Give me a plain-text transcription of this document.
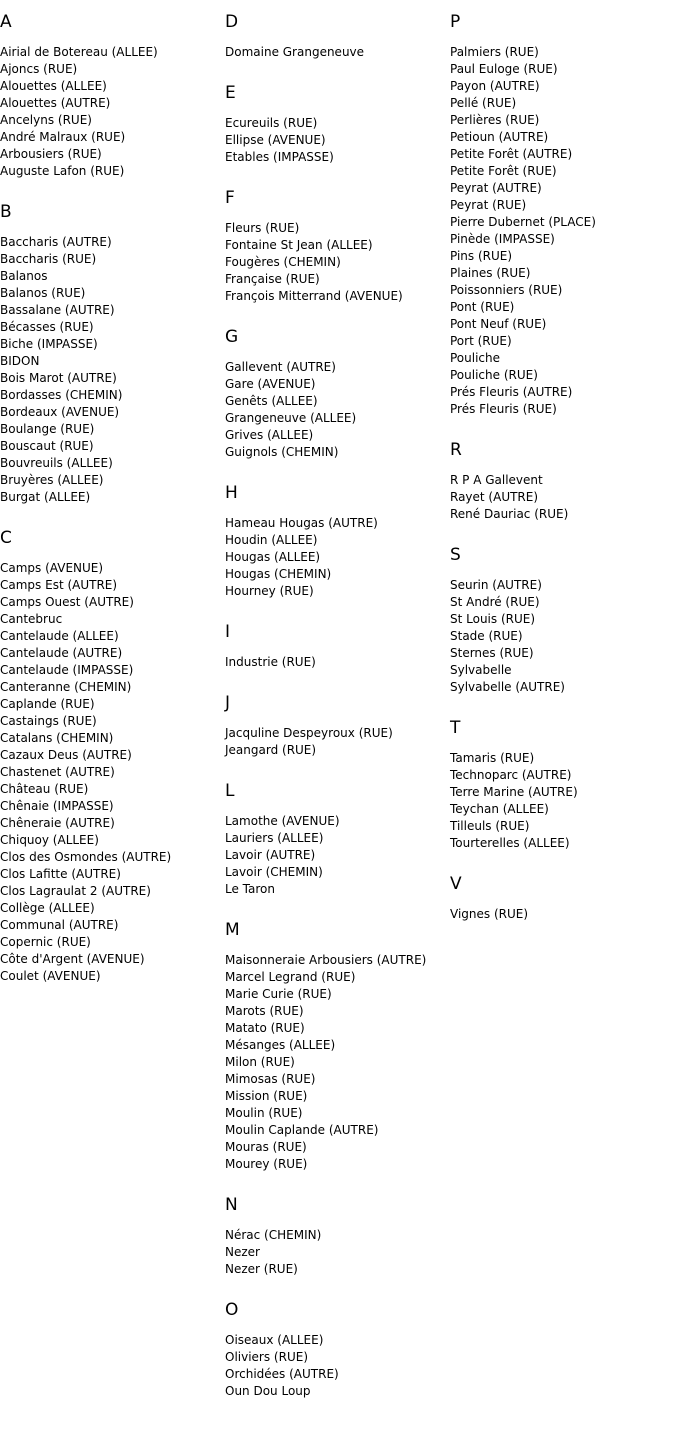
A
Airial de Botereau (ALLEE)
Ajoncs (RUE)
Alouettes (ALLEE)
Alouettes (AUTRE)
Ancelyns (RUE)
André Malraux (RUE)
Arbousiers (RUE)
Auguste Lafon (RUE)
B
Baccharis (AUTRE)
Baccharis (RUE)
Balanos
Balanos (RUE)
Bassalane (AUTRE)
Bécasses (RUE)
Biche (IMPASSE)
BIDON
Bois Marot (AUTRE)
Bordasses (CHEMIN)
Bordeaux (AVENUE)
Boulange (RUE)
Bouscaut (RUE)
Bouvreuils (ALLEE)
Bruyères (ALLEE)
Burgat (ALLEE)
C
Camps (AVENUE)
Camps Est (AUTRE)
Camps Ouest (AUTRE)
Cantebruc
Cantelaude (ALLEE)
Cantelaude (AUTRE)
Cantelaude (IMPASSE)
Canteranne (CHEMIN)
Caplande (RUE)
Castaings (RUE)
Catalans (CHEMIN)
Cazaux Deus (AUTRE)
Chastenet (AUTRE)
Château (RUE)
Chênaie (IMPASSE)
Chêneraie (AUTRE)
Chiquoy (ALLEE)
Clos des Osmondes (AUTRE)
Clos Lafitte (AUTRE)
Clos Lagraulat 2 (AUTRE)
Collège (ALLEE)
Communal (AUTRE)
Copernic (RUE)
Côte d'Argent (AVENUE)
Coulet (AVENUE)
D
Domaine Grangeneuve
E
Ecureuils (RUE)
Ellipse (AVENUE)
Etables (IMPASSE)
F
Fleurs (RUE)
Fontaine St Jean (ALLEE)
Fougères (CHEMIN)
Française (RUE)
François Mitterrand (AVENUE)
G
Gallevent (AUTRE)
Gare (AVENUE)
Genêts (ALLEE)
Grangeneuve (ALLEE)
Grives (ALLEE)
Guignols (CHEMIN)
H
Hameau Hougas (AUTRE)
Houdin (ALLEE)
Hougas (ALLEE)
Hougas (CHEMIN)
Hourney (RUE)
I
Industrie (RUE)
J
Jacquline Despeyroux (RUE)
Jeangard (RUE)
L
Lamothe (AVENUE)
Lauriers (ALLEE)
Lavoir (AUTRE)
Lavoir (CHEMIN)
Le Taron
M
Maisonneraie Arbousiers (AUTRE)
Marcel Legrand (RUE)
Marie Curie (RUE)
Marots (RUE)
Matato (RUE)
Mésanges (ALLEE)
Milon (RUE)
Mimosas (RUE)
Mission (RUE)
Moulin (RUE)
Moulin Caplande (AUTRE)
Mouras (RUE)
Mourey (RUE)
N
Nérac (CHEMIN)
Nezer
Nezer (RUE)
O
Oiseaux (ALLEE)
Oliviers (RUE)
Orchidées (AUTRE)
Oun Dou Loup
P
Palmiers (RUE)
Paul Euloge (RUE)
Payon (AUTRE)
Pellé (RUE)
Perlières (RUE)
Petioun (AUTRE)
Petite Forêt (AUTRE)
Petite Forêt (RUE)
Peyrat (AUTRE)
Peyrat (RUE)
Pierre Dubernet (PLACE)
Pinède (IMPASSE)
Pins (RUE)
Plaines (RUE)
Poissonniers (RUE)
Pont (RUE)
Pont Neuf (RUE)
Port (RUE)
Pouliche
Pouliche (RUE)
Prés Fleuris (AUTRE)
Prés Fleuris (RUE)
R
R P A Gallevent
Rayet (AUTRE)
René Dauriac (RUE)
S
Seurin (AUTRE)
St André (RUE)
St Louis (RUE)
Stade (RUE)
Sternes (RUE)
Sylvabelle
Sylvabelle (AUTRE)
T
Tamaris (RUE)
Technoparc (AUTRE)
Terre Marine (AUTRE)
Teychan (ALLEE)
Tilleuls (RUE)
Tourterelles (ALLEE)
V
Vignes (RUE)
